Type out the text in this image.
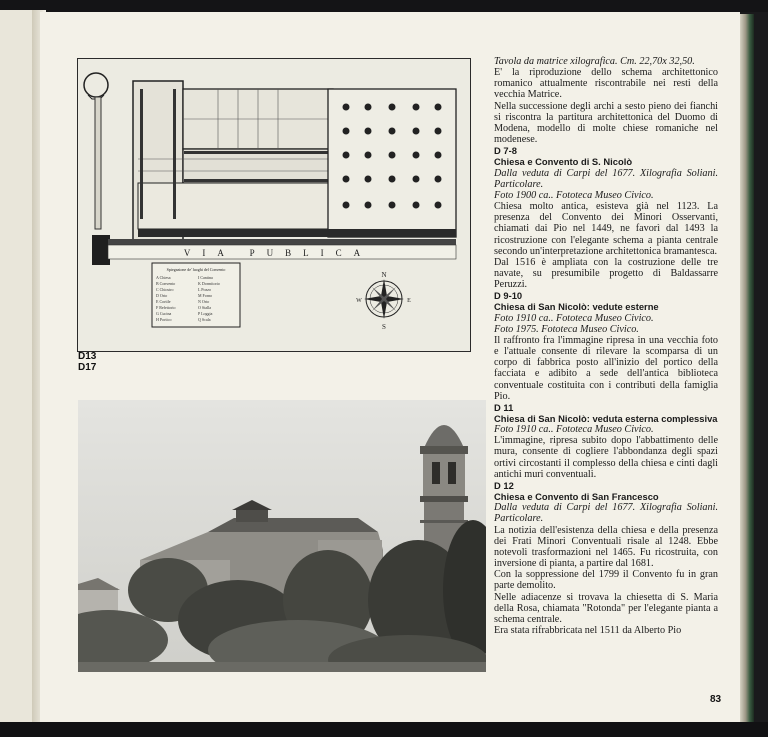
VIA PUBLICA
Spiegazione de' luoghi del Convento
A Chiesa
B Convento
C Chiostro
D Orto
E Cortile
F Refettorio
G Cucina
H Portico
I Cantina
K Dormitorio
L Pozzo
M Forno
N Orto
O Stalla
P Loggia
Q Scala
N
S
E
W
D13
D17

Tavola da matrice xilografica. Cm. 22,70x 32,50.

E' la riproduzione dello schema architettonico romanico attualmente riscontrabile nei resti della vecchia Matrice.

Nella successione degli archi a sesto pieno dei fianchi si riscontra la partitura architettonica del Duomo di Modena, modello di molte chiese romaniche nel modenese.

D 7-8

Chiesa e Convento di S. Nicolò

Dalla veduta di Carpi del 1677. Xilografia Soliani. Particolare.

Foto 1900 ca.. Fototeca Museo Civico.

Chiesa molto antica, esisteva già nel 1123. La presenza del Convento dei Minori Osservanti, chiamati dai Pio nel 1449, ne favorì dal 1493 la ricostruzione con l'elegante schema a pianta centrale secondo un'interpretazione architettonica bramantesca.

Dal 1516 è ampliata con la costruzione delle tre navate, su presumibile progetto di Baldassarre Peruzzi.

D 9-10

Chiesa di San Nicolò: vedute esterne

Foto 1910 ca.. Fototeca Museo Civico.

Foto 1975. Fototeca Museo Civico.

Il raffronto fra l'immagine ripresa in una vecchia foto e l'attuale consente di rilevare la scomparsa di un corpo di fabbrica posto all'inizio del portico della facciata e adibito a sede dell'antica biblioteca conventuale costituita con i contributi della famiglia Pio.

D 11

Chiesa di San Nicolò: veduta esterna complessiva

Foto 1910 ca.. Fototeca Museo Civico.

L'immagine, ripresa subito dopo l'abbattimento delle mura, consente di cogliere l'abbondanza degli spazi ortivi circostanti il complesso della chiesa e cinti dagli antichi muri conventuali.

D 12

Chiesa e Convento di San Francesco

Dalla veduta di Carpi del 1677. Xilografia Soliani. Particolare.

La notizia dell'esistenza della chiesa e della presenza dei Frati Minori Conventuali risale al 1248. Ebbe notevoli trasformazioni nel 1465. Fu ricostruita, con inversione di pianta, a partire dal 1681.

Con la soppressione del 1799 il Convento fu in gran parte demolito.

Nelle adiacenze si trovava la chiesetta di S. Maria della Rosa, chiamata "Rotonda" per l'elegante pianta a schema centrale.

Era stata rifrabbricata nel 1511 da Alberto Pio

83
